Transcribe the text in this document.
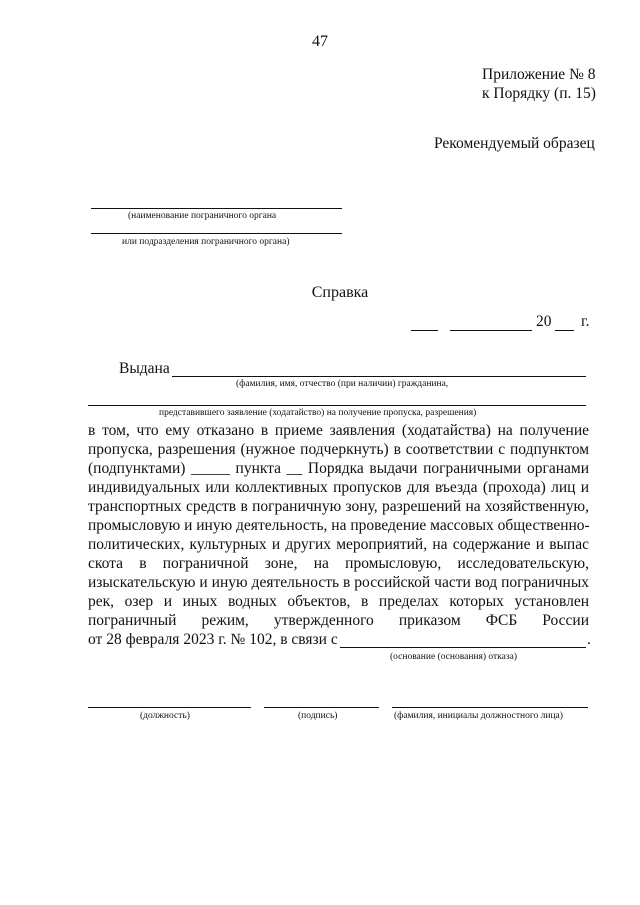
47
Приложение № 8
к Порядку (п. 15)
Рекомендуемый образец
(наименование пограничного органа
или подразделения пограничного органа)
Справка
20 г.
Выдана
(фамилия, имя, отчество (при наличии) гражданина,
представившего заявление (ходатайство) на получение пропуска, разрешения)
в том, что ему отказано в приеме заявления (ходатайства) на получение
пропуска, разрешения (нужное подчеркнуть) в соответствии с подпунктом
(подпунктами) _____ пункта __ Порядка выдачи пограничными органами
индивидуальных или коллективных пропусков для въезда (прохода) лиц и
транспортных средств в пограничную зону, разрешений на хозяйственную,
промысловую и иную деятельность, на проведение массовых общественно-
политических, культурных и других мероприятий, на содержание и выпас
скота в пограничной зоне, на промысловую, исследовательскую,
изыскательскую и иную деятельность в российской части вод пограничных
рек, озер и иных водных объектов, в пределах которых установлен
пограничный режим, утвержденного приказом ФСБ России
от 28 февраля 2023 г. № 102, в связи с	.
(основание (основания) отказа)
(должность)	(подпись)	(фамилия, инициалы должностного лица)
